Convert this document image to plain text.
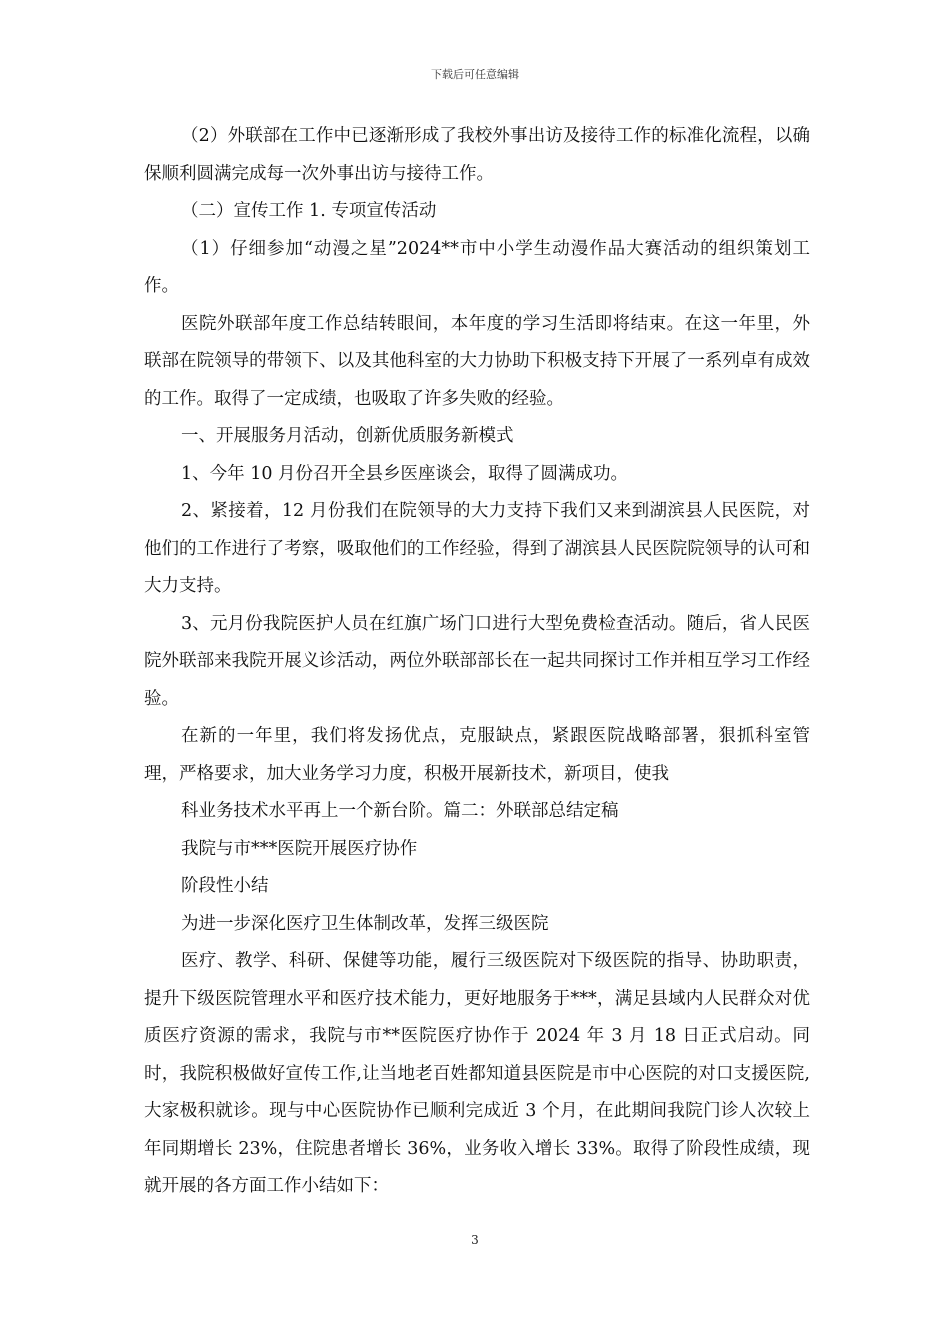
下载后可任意编辑

（2）外联部在工作中已逐渐形成了我校外事出访及接待工作的标准化流程，以确保顺利圆满完成每一次外事出访与接待工作。

（二）宣传工作 1. 专项宣传活动

（1）仔细参加“动漫之星”2024**市中小学生动漫作品大赛活动的组织策划工作。

医院外联部年度工作总结转眼间，本年度的学习生活即将结束。在这一年里，外联部在院领导的带领下、以及其他科室的大力协助下积极支持下开展了一系列卓有成效的工作。取得了一定成绩，也吸取了许多失败的经验。

一、开展服务月活动，创新优质服务新模式

1、今年 10 月份召开全县乡医座谈会，取得了圆满成功。

2、紧接着，12 月份我们在院领导的大力支持下我们又来到湖滨县人民医院，对他们的工作进行了考察，吸取他们的工作经验，得到了湖滨县人民医院院领导的认可和大力支持。

3、元月份我院医护人员在红旗广场门口进行大型免费检查活动。随后，省人民医院外联部来我院开展义诊活动，两位外联部部长在一起共同探讨工作并相互学习工作经验。

在新的一年里，我们将发扬优点，克服缺点，紧跟医院战略部署，狠抓科室管理，严格要求，加大业务学习力度，积极开展新技术，新项目，使我

科业务技术水平再上一个新台阶。篇二：外联部总结定稿

我院与市***医院开展医疗协作

阶段性小结

为进一步深化医疗卫生体制改革，发挥三级医院

医疗、教学、科研、保健等功能，履行三级医院对下级医院的指导、协助职责，提升下级医院管理水平和医疗技术能力，更好地服务于***，满足县域内人民群众对优质医疗资源的需求，我院与市**医院医疗协作于 2024 年 3 月 18 日正式启动。同时，我院积极做好宣传工作,让当地老百姓都知道县医院是市中心医院的对口支援医院,大家极积就诊。现与中心医院协作已顺利完成近 3 个月，在此期间我院门诊人次较上年同期增长 23%，住院患者增长 36%，业务收入增长 33%。取得了阶段性成绩，现就开展的各方面工作小结如下：

3
